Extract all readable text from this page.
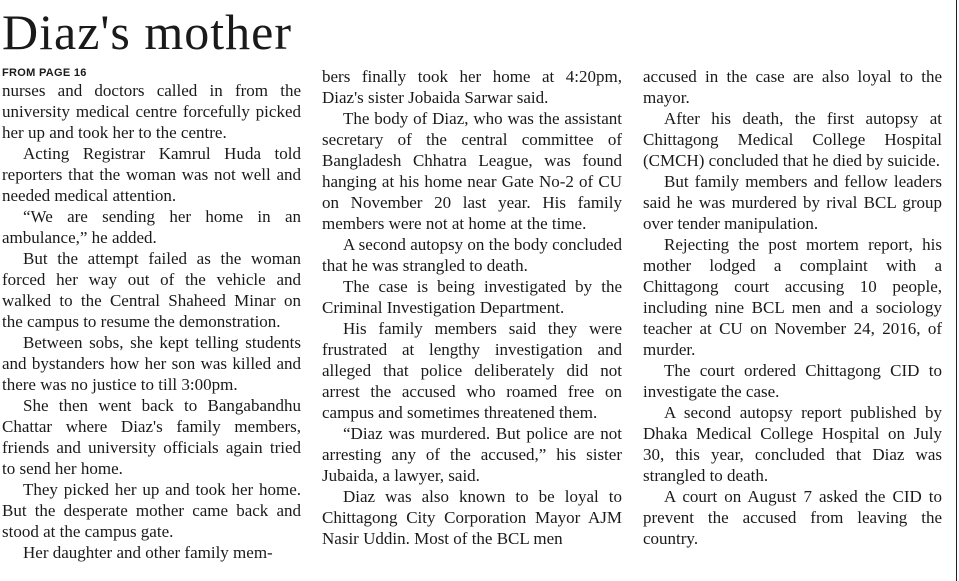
Diaz's mother
FROM PAGE 16

nurses and doctors called in from the university medical centre forcefully picked her up and took her to the centre.

Acting Registrar Kamrul Huda told reporters that the woman was not well and needed medical attention.

“We are sending her home in an ambulance,” he added.

But the attempt failed as the woman forced her way out of the vehicle and walked to the Central Shaheed Minar on the campus to resume the demonstration.

Between sobs, she kept telling students and bystanders how her son was killed and there was no justice to till 3:00pm.

She then went back to Bangabandhu Chattar where Diaz's family members, friends and university officials again tried to send her home.

They picked her up and took her home. But the desperate mother came back and stood at the campus gate.

Her daughter and other family mem-

bers finally took her home at 4:20pm, Diaz's sister Jobaida Sarwar said.

The body of Diaz, who was the assistant secretary of the central committee of Bangladesh Chhatra League, was found hanging at his home near Gate No-2 of CU on November 20 last year. His family members were not at home at the time.

A second autopsy on the body concluded that he was strangled to death.

The case is being investigated by the Criminal Investigation Department.

His family members said they were frustrated at lengthy investigation and alleged that police deliberately did not arrest the accused who roamed free on campus and sometimes threatened them.

“Diaz was murdered. But police are not arresting any of the accused,” his sister Jubaida, a lawyer, said.

Diaz was also known to be loyal to Chittagong City Corporation Mayor AJM Nasir Uddin. Most of the BCL men

accused in the case are also loyal to the mayor.

After his death, the first autopsy at Chittagong Medical College Hospital (CMCH) concluded that he died by suicide.

But family members and fellow leaders said he was murdered by rival BCL group over tender manipulation.

Rejecting the post mortem report, his mother lodged a complaint with a Chittagong court accusing 10 people, including nine BCL men and a sociology teacher at CU on November 24, 2016, of murder.

The court ordered Chittagong CID to investigate the case.

A second autopsy report published by Dhaka Medical College Hospital on July 30, this year, concluded that Diaz was strangled to death.

A court on August 7 asked the CID to prevent the accused from leaving the country.
